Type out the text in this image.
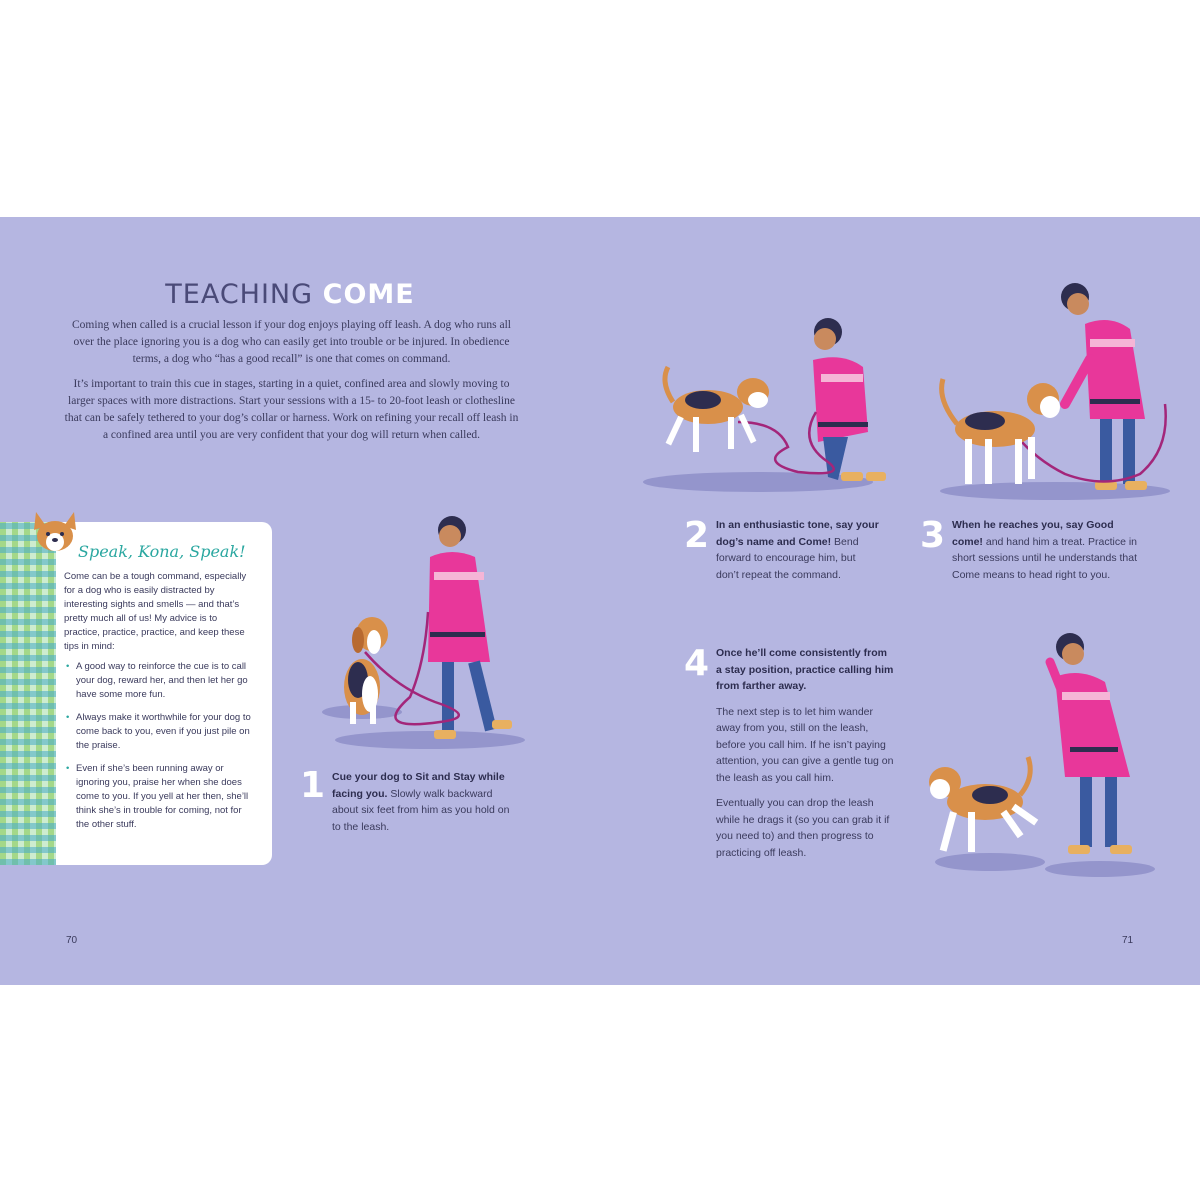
TEACHING COME

Coming when called is a crucial lesson if your dog enjoys playing off leash. A dog who runs all over the place ignoring you is a dog who can easily get into trouble or be injured. In obedience terms, a dog who “has a good recall” is one that comes on command.

It’s important to train this cue in stages, starting in a quiet, confined area and slowly moving to larger spaces with more distractions. Start your sessions with a 15- to 20-foot leash or clothesline that can be safely tethered to your dog’s collar or harness. Work on refining your recall off leash in a confined area until you are very confident that your dog will return when called.

Speak, Kona, Speak!

Come can be a tough command, especially for a dog who is easily distracted by interesting sights and smells — and that’s pretty much all of us! My advice is to practice, practice, practice, and keep these tips in mind:

• A good way to reinforce the cue is to call your dog, reward her, and then let her go have some more fun.
• Always make it worthwhile for your dog to come back to you, even if you just pile on the praise.
• Even if she’s been running away or ignoring you, praise her when she does come to you. If you yell at her then, she’ll think she’s in trouble for coming, not for the other stuff.
1 Cue your dog to Sit and Stay while facing you. Slowly walk backward about six feet from him as you hold on to the leash.
2 In an enthusiastic tone, say your dog’s name and Come! Bend forward to encourage him, but don’t repeat the command.
3 When he reaches you, say Good come! and hand him a treat. Practice in short sessions until he understands that Come means to head right to you.
4 Once he’ll come consistently from a stay position, practice calling him from farther away.

The next step is to let him wander away from you, still on the leash, before you call him. If he isn’t paying attention, you can give a gentle tug on the leash as you call him.

Eventually you can drop the leash while he drags it (so you can grab it if you need to) and then progress to practicing off leash.

70	71
